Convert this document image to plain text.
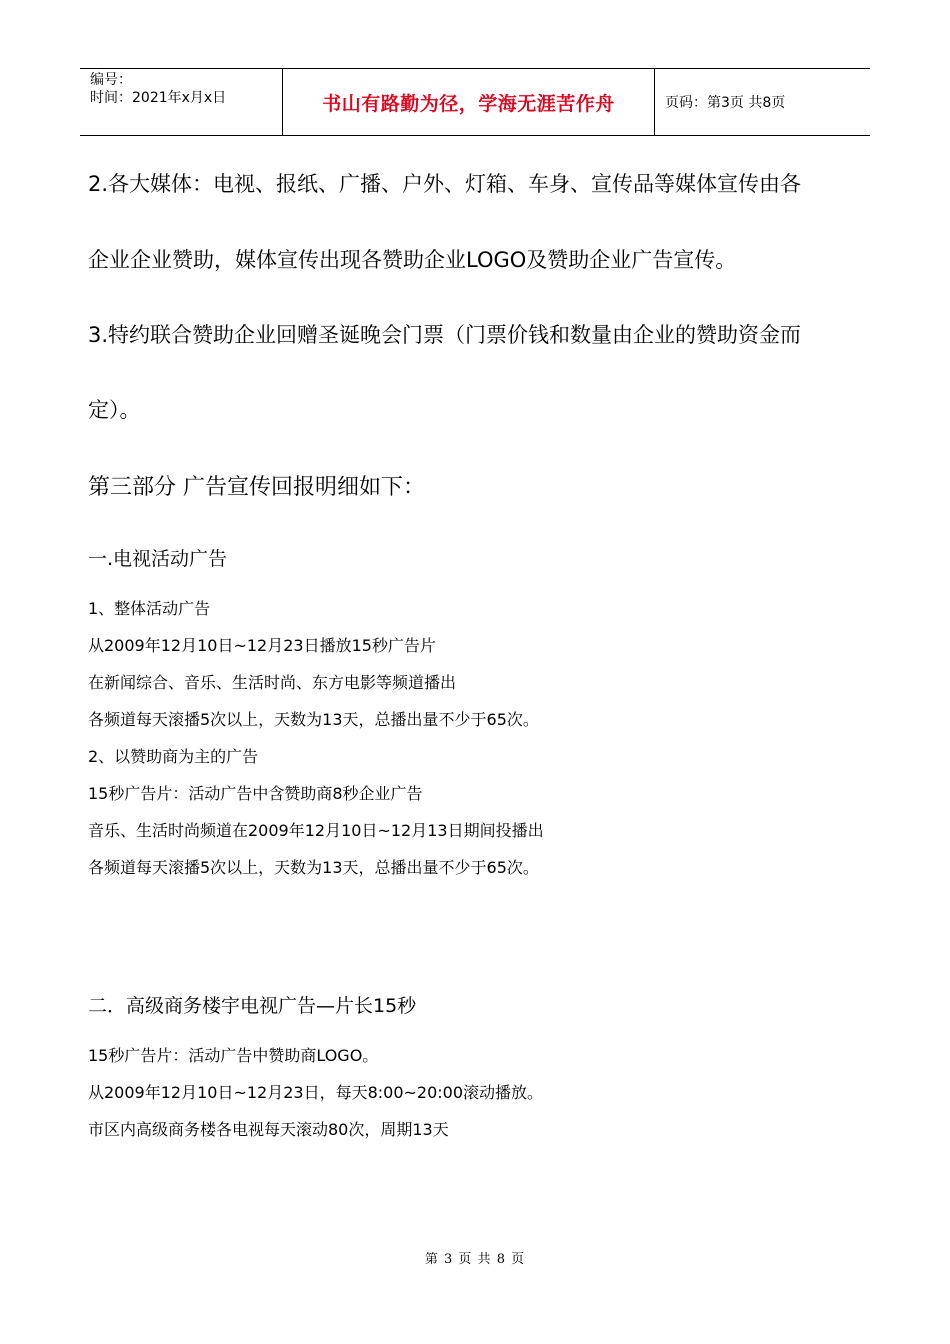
编号：
时间：2021年x月x日	书山有路勤为径，学海无涯苦作舟	页码：第3页 共8页
2.各大媒体：电视、报纸、广播、户外、灯箱、车身、宣传品等媒体宣传由各
企业企业赞助，媒体宣传出现各赞助企业LOGO及赞助企业广告宣传。
3.特约联合赞助企业回赠圣诞晚会门票（门票价钱和数量由企业的赞助资金而
定）。
第三部分 广告宣传回报明细如下：
一.电视活动广告
1、整体活动广告
从2009年12月10日~12月23日播放15秒广告片
在新闻综合、音乐、生活时尚、东方电影等频道播出
各频道每天滚播5次以上，天数为13天，总播出量不少于65次。
2、以赞助商为主的广告
15秒广告片：活动广告中含赞助商8秒企业广告
音乐、生活时尚频道在2009年12月10日~12月13日期间投播出
各频道每天滚播5次以上，天数为13天，总播出量不少于65次。
二．高级商务楼宇电视广告—片长15秒
15秒广告片：活动广告中赞助商LOGO。
从2009年12月10日~12月23日，每天8:00~20:00滚动播放。
市区内高级商务楼各电视每天滚动80次，周期13天
第 3 页 共 8 页
